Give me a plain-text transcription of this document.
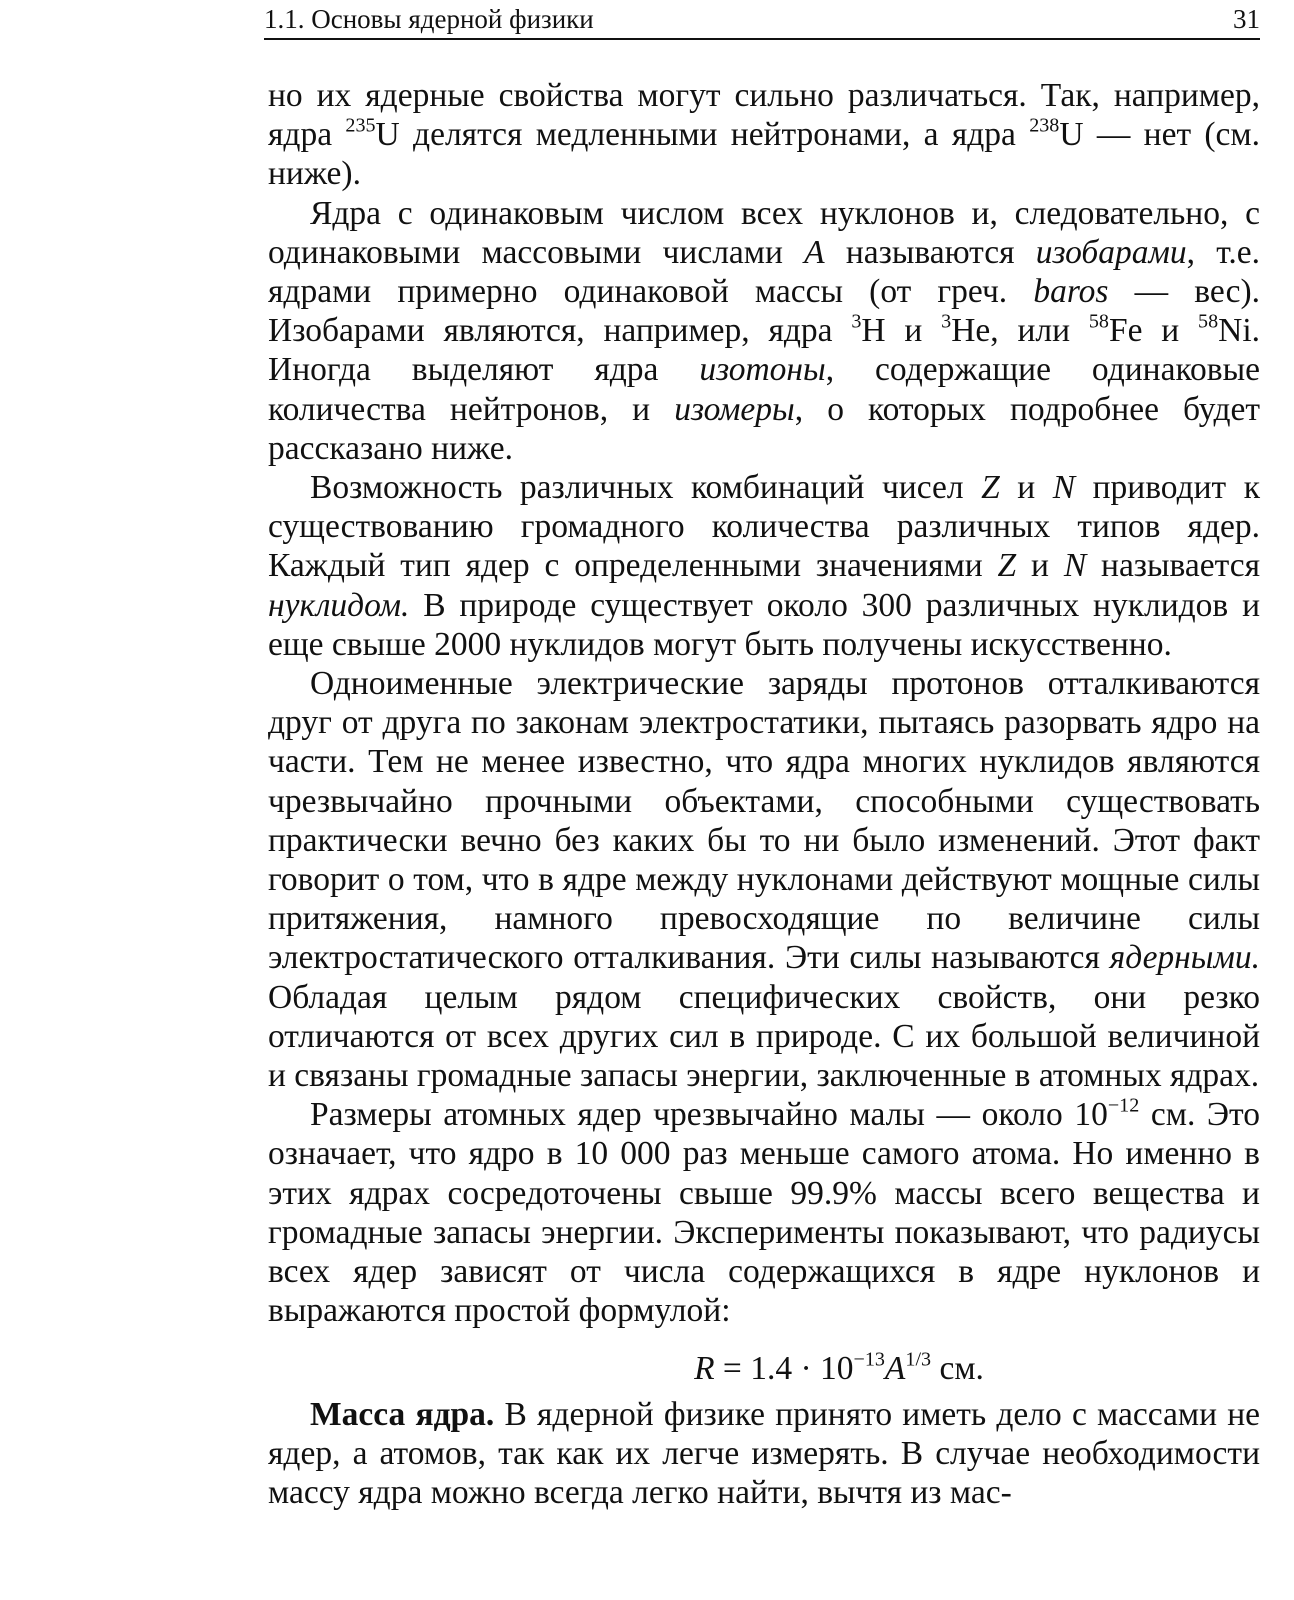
1.1. Основы ядерной физики	31

но их ядерные свойства могут сильно различаться. Так, например, ядра $^{235}$U делятся медленными нейтронами, а ядра $^{238}$U — нет (см. ниже).

Ядра с одинаковым числом всех нуклонов и, следовательно, с одинаковыми массовыми числами A называются изобарами, т.е. ядрами примерно одинаковой массы (от греч. baros — вес). Изобарами являются, например, ядра $^3$H и $^3$He, или $^{58}$Fe и $^{58}$Ni. Иногда выделяют ядра изотоны, содержащие одинаковые количества нейтронов, и изомеры, о которых подробнее будет рассказано ниже.

Возможность различных комбинаций чисел Z и N приводит к существованию громадного количества различных типов ядер. Каждый тип ядер с определенными значениями Z и N называется нуклидом. В природе существует около 300 различных нуклидов и еще свыше 2000 нуклидов могут быть получены искусственно.

Одноименные электрические заряды протонов отталкиваются друг от друга по законам электростатики, пытаясь разорвать ядро на части. Тем не менее известно, что ядра многих нуклидов являются чрезвычайно прочными объектами, способными существовать практически вечно без каких бы то ни было изменений. Этот факт говорит о том, что в ядре между нуклонами действуют мощные силы притяжения, намного превосходящие по величине силы электростатического отталкивания. Эти силы называются ядерными. Обладая целым рядом специфических свойств, они резко отличаются от всех других сил в природе. С их большой величиной и связаны громадные запасы энергии, заключенные в атомных ядрах.

Размеры атомных ядер чрезвычайно малы — около $10^{-12}$ см. Это означает, что ядро в 10 000 раз меньше самого атома. Но именно в этих ядрах сосредоточены свыше 99.9% массы всего вещества и громадные запасы энергии. Эксперименты показывают, что радиусы всех ядер зависят от числа содержащихся в ядре нуклонов и выражаются простой формулой:

$R = 1.4 \cdot 10^{-13}A^{1/3}$ см.

Масса ядра. В ядерной физике принято иметь дело с массами не ядер, а атомов, так как их легче измерять. В случае необходимости массу ядра можно всегда легко найти, вычтя из мас-
